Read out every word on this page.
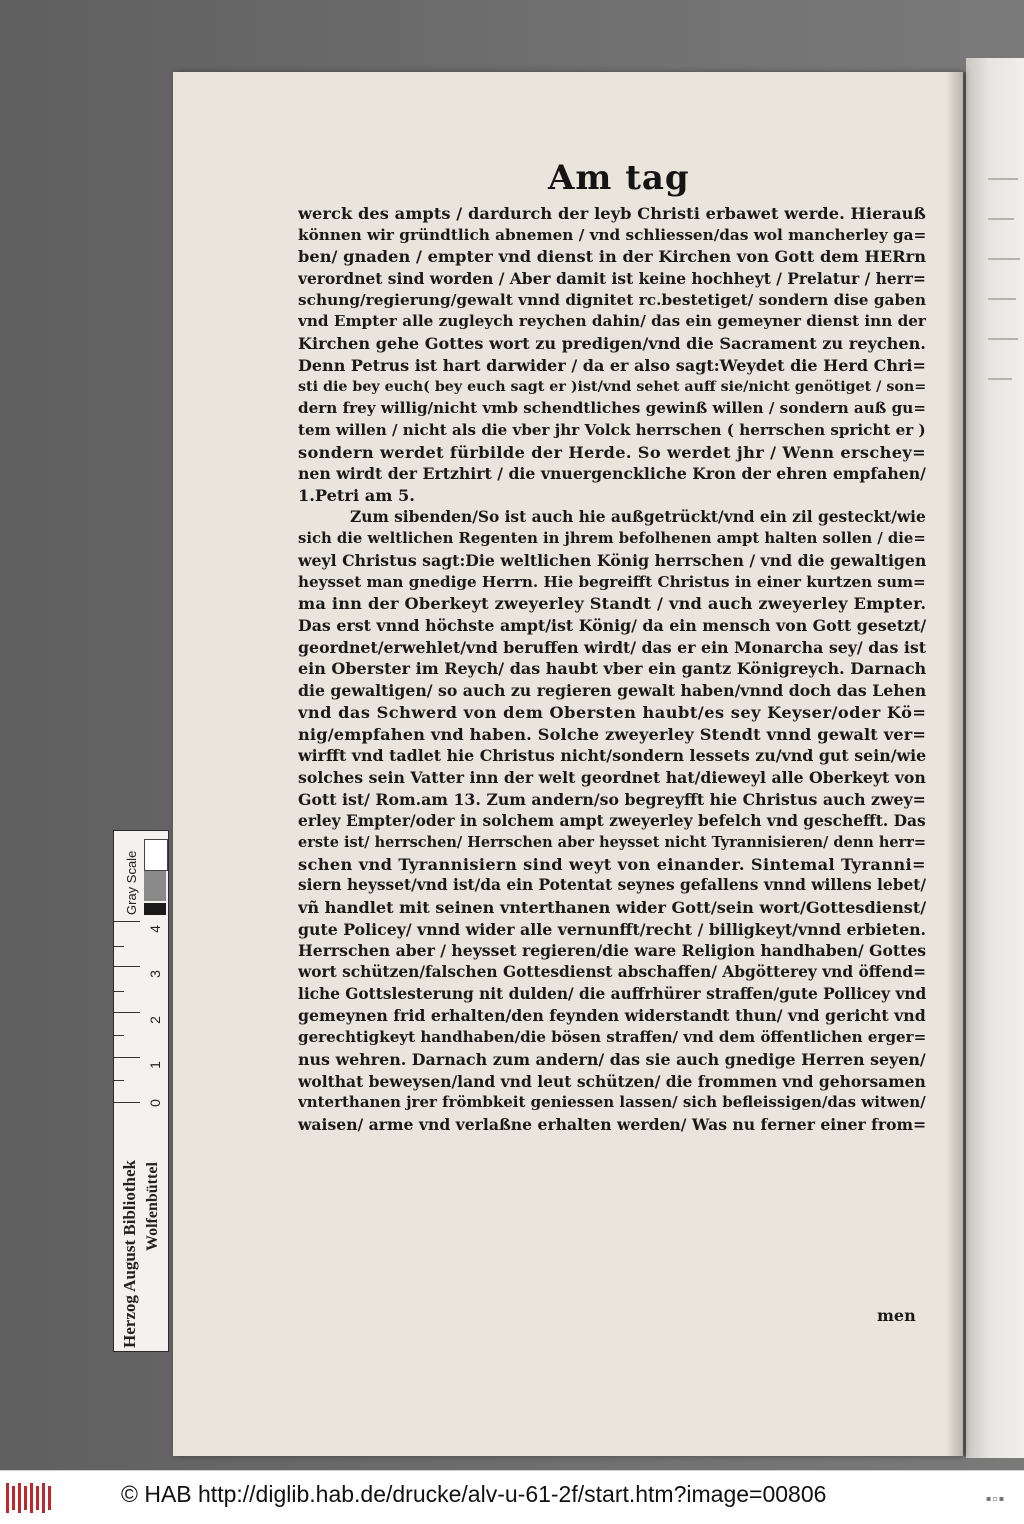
Am tag
werck des ampts / dardurch der leyb Christi erbawet werde. Hierauß
können wir gründtlich abnemen / vnd schliessen/das wol mancherley ga=
ben/ gnaden / empter vnd dienst in der Kirchen von Gott dem HERrn
verordnet sind worden / Aber damit ist keine hochheyt / Prelatur / herr=
schung/regierung/gewalt vnnd dignitet rc.bestetiget/ sondern dise gaben
vnd Empter alle zugleych reychen dahin/ das ein gemeyner dienst inn der
Kirchen gehe Gottes wort zu predigen/vnd die Sacrament zu reychen.
Denn Petrus ist hart darwider / da er also sagt:Weydet die Herd Chri=
sti die bey euch( bey euch sagt er )ist/vnd sehet auff sie/nicht genötiget / son=
dern frey willig/nicht vmb schendtliches gewinß willen / sondern auß gu=
tem willen / nicht als die vber jhr Volck herrschen ( herrschen spricht er )
sondern werdet fürbilde der Herde. So werdet jhr / Wenn erschey=
nen wirdt der Ertzhirt / die vnuergenckliche Kron der ehren empfahen/
1.Petri am 5.
Zum sibenden/So ist auch hie außgetrückt/vnd ein zil gesteckt/wie
sich die weltlichen Regenten in jhrem befolhenen ampt halten sollen / die=
weyl Christus sagt:Die weltlichen König herrschen / vnd die gewaltigen
heysset man gnedige Herrn. Hie begreifft Christus in einer kurtzen sum=
ma inn der Oberkeyt zweyerley Standt / vnd auch zweyerley Empter.
Das erst vnnd höchste ampt/ist König/ da ein mensch von Gott gesetzt/
geordnet/erwehlet/vnd beruffen wirdt/ das er ein Monarcha sey/ das ist
ein Oberster im Reych/ das haubt vber ein gantz Königreych. Darnach
die gewaltigen/ so auch zu regieren gewalt haben/vnnd doch das Lehen
vnd das Schwerd von dem Obersten haubt/es sey Keyser/oder Kö=
nig/empfahen vnd haben. Solche zweyerley Stendt vnnd gewalt ver=
wirfft vnd tadlet hie Christus nicht/sondern lessets zu/vnd gut sein/wie
solches sein Vatter inn der welt geordnet hat/dieweyl alle Oberkeyt von
Gott ist/ Rom.am 13. Zum andern/so begreyfft hie Christus auch zwey=
erley Empter/oder in solchem ampt zweyerley befelch vnd geschefft. Das
erste ist/ herrschen/ Herrschen aber heysset nicht Tyrannisieren/ denn herr=
schen vnd Tyrannisiern sind weyt von einander. Sintemal Tyranni=
siern heysset/vnd ist/da ein Potentat seynes gefallens vnnd willens lebet/
vñ handlet mit seinen vnterthanen wider Gott/sein wort/Gottesdienst/
gute Policey/ vnnd wider alle vernunfft/recht / billigkeyt/vnnd erbieten.
Herrschen aber / heysset regieren/die ware Religion handhaben/ Gottes
wort schützen/falschen Gottesdienst abschaffen/ Abgötterey vnd öffend=
liche Gottslesterung nit dulden/ die auffrhürer straffen/gute Pollicey vnd
gemeynen frid erhalten/den feynden widerstandt thun/ vnd gericht vnd
gerechtigkeyt handhaben/die bösen straffen/ vnd dem öffentlichen erger=
nus wehren. Darnach zum andern/ das sie auch gnedige Herren seyen/
wolthat beweysen/land vnd leut schützen/ die frommen vnd gehorsamen
vnterthanen jrer frömbkeit geniessen lassen/ sich befleissigen/das witwen/
waisen/ arme vnd verlaßne erhalten werden/ Was nu ferner einer from=
men
Gray Scale
4
3
2
1
0
Herzog August Bibliothek Wolfenbüttel
© HAB http://diglib.hab.de/drucke/alv-u-61-2f/start.htm?image=00806	▪▫▪
